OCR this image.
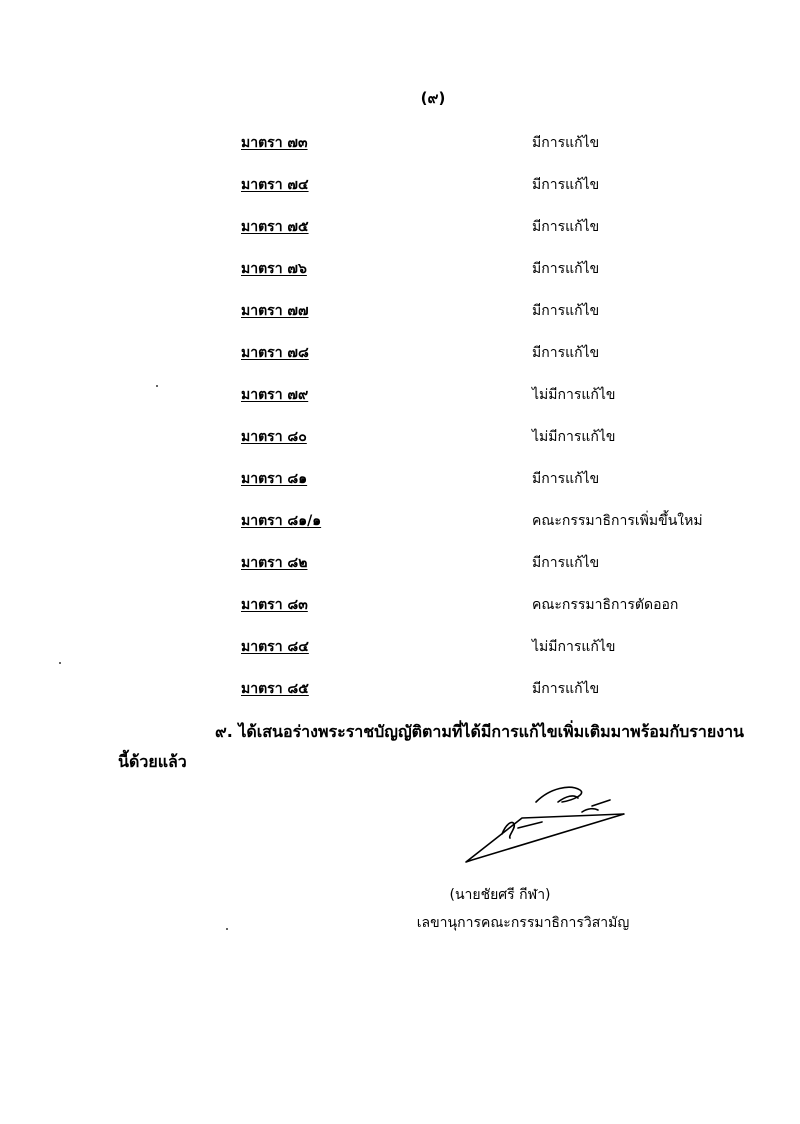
(๙)
มาตรา ๗๓	มีการแก้ไข
มาตรา ๗๔	มีการแก้ไข
มาตรา ๗๕	มีการแก้ไข
มาตรา ๗๖	มีการแก้ไข
มาตรา ๗๗	มีการแก้ไข
มาตรา ๗๘	มีการแก้ไข
มาตรา ๗๙	ไม่มีการแก้ไข
มาตรา ๘๐	ไม่มีการแก้ไข
มาตรา ๘๑	มีการแก้ไข
มาตรา ๘๑/๑	คณะกรรมาธิการเพิ่มขึ้นใหม่
มาตรา ๘๒	มีการแก้ไข
มาตรา ๘๓	คณะกรรมาธิการตัดออก
มาตรา ๘๔	ไม่มีการแก้ไข
มาตรา ๘๕	มีการแก้ไข
๙. ได้เสนอร่างพระราชบัญญัติตามที่ได้มีการแก้ไขเพิ่มเติมมาพร้อมกับรายงาน
นี้ด้วยแล้ว
(นายชัยศรี กีฬา)
เลขานุการคณะกรรมาธิการวิสามัญ
